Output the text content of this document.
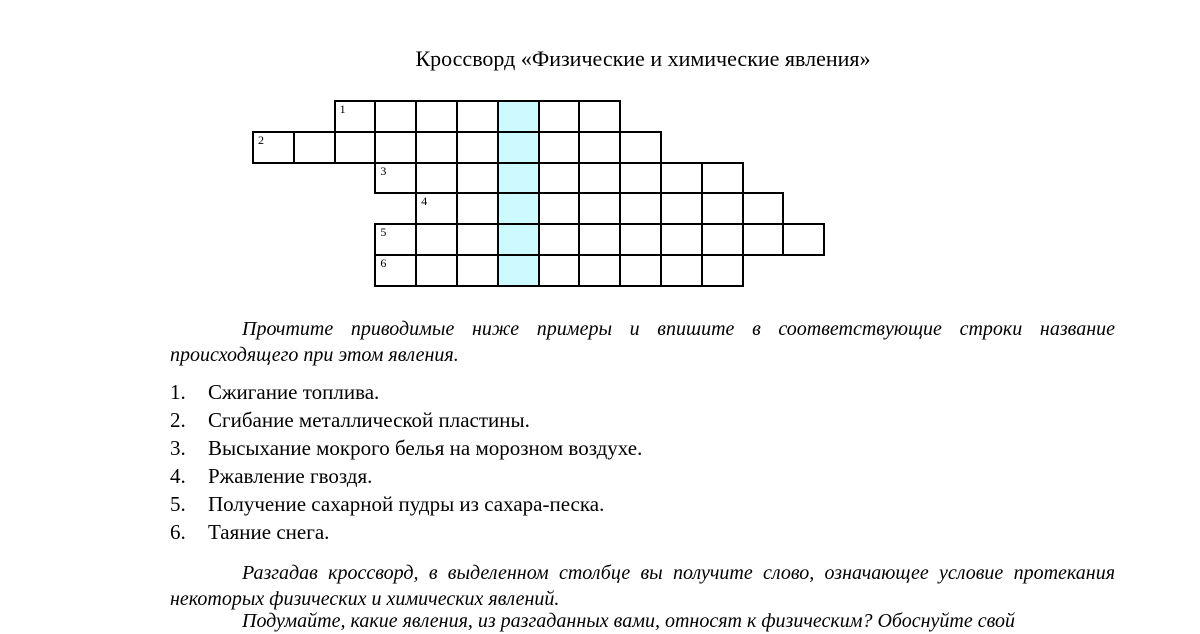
Кроссворд «Физические и химические явления»
1
2
3
4
5
6
Прочтите приводимые ниже примеры и впишите в соответствующие строки название происходящего при этом явления.
1. Сжигание топлива.
2. Сгибание металлической пластины.
3. Высыхание мокрого белья на морозном воздухе.
4. Ржавление гвоздя.
5. Получение сахарной пудры из сахара-песка.
6. Таяние снега.
Разгадав кроссворд, в выделенном столбце вы получите слово, означающее условие протекания некоторых физических и химических явлений.
Подумайте, какие явления, из разгаданных вами, относят к физическим? Обоснуйте свой
